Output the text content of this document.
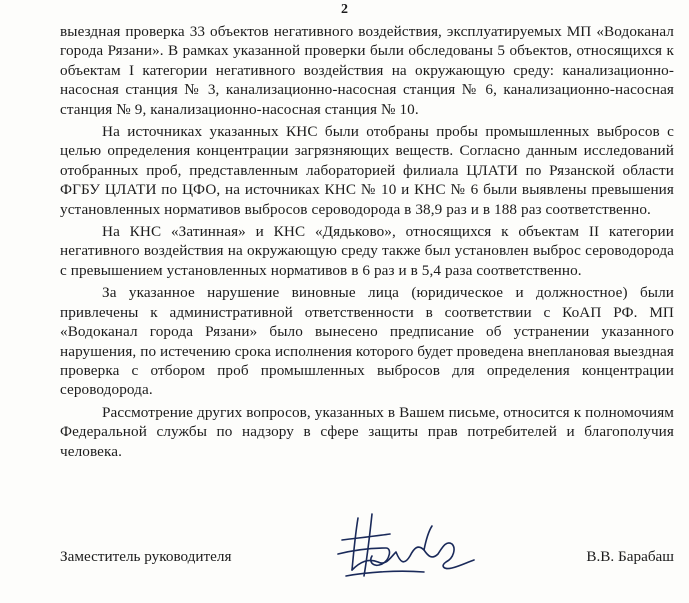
2

выездная проверка 33 объектов негативного воздействия, эксплуатируемых МП «Водоканал города Рязани». В рамках указанной проверки были обследованы 5 объектов, относящихся к объектам I категории негативного воздействия на окружающую среду: канализационно-насосная станция № 3, канализационно-насосная станция № 6, канализационно-насосная станция № 9, канализационно-насосная станция № 10.

На источниках указанных КНС были отобраны пробы промышленных выбросов с целью определения концентрации загрязняющих веществ. Согласно данным исследований отобранных проб, представленным лабораторией филиала ЦЛАТИ по Рязанской области ФГБУ ЦЛАТИ по ЦФО, на источниках КНС № 10 и КНС № 6 были выявлены превышения установленных нормативов выбросов сероводорода в 38,9 раз и в 188 раз соответственно.

На КНС «Затинная» и КНС «Дядьково», относящихся к объектам II категории негативного воздействия на окружающую среду также был установлен выброс сероводорода с превышением установленных нормативов в 6 раз и в 5,4 раза соответственно.

За указанное нарушение виновные лица (юридическое и должностное) были привлечены к административной ответственности в соответствии с КоАП РФ. МП «Водоканал города Рязани» было вынесено предписание об устранении указанного нарушения, по истечению срока исполнения которого будет проведена внеплановая выездная проверка с отбором проб промышленных выбросов для определения концентрации сероводорода.

Рассмотрение других вопросов, указанных в Вашем письме, относится к полномочиям Федеральной службы по надзору в сфере защиты прав потребителей и благополучия человека.

Заместитель руководителя	В.В. Барабаш
